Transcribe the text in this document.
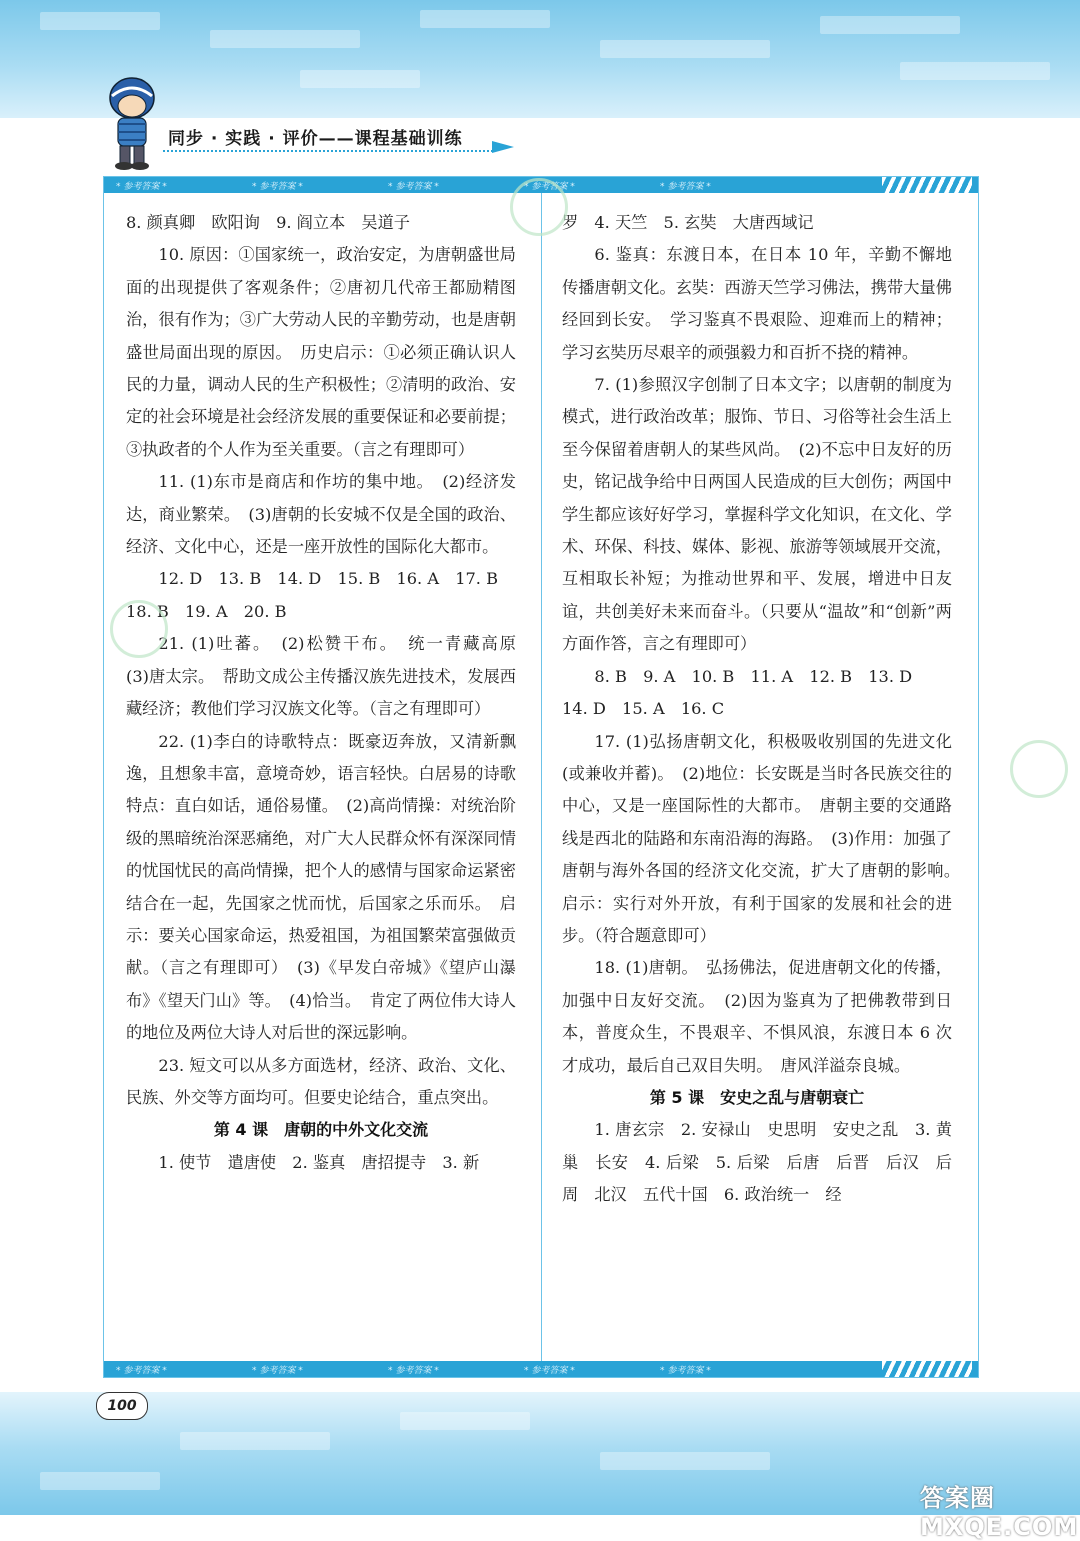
同步 · 实践 · 评价——课程基础训练
* 参考答案 *	* 参考答案 *	* 参考答案 *	* 参考答案 *	* 参考答案 *

8. 颜真卿　欧阳询　9. 阎立本　吴道子

10. 原因：①国家统一，政治安定，为唐朝盛世局面的出现提供了客观条件；②唐初几代帝王都励精图治，很有作为；③广大劳动人民的辛勤劳动，也是唐朝盛世局面出现的原因。　历史启示：①必须正确认识人民的力量，调动人民的生产积极性；②清明的政治、安定的社会环境是社会经济发展的重要保证和必要前提；③执政者的个人作为至关重要。（言之有理即可）

11. (1)东市是商店和作坊的集中地。　(2)经济发达，商业繁荣。　(3)唐朝的长安城不仅是全国的政治、经济、文化中心，还是一座开放性的国际化大都市。

12. D　13. B　14. D　15. B　16. A　17. B

18. B　19. A　20. B

21. (1)吐蕃。　(2)松赞干布。　统一青藏高原　(3)唐太宗。　帮助文成公主传播汉族先进技术，发展西藏经济；教他们学习汉族文化等。（言之有理即可）

22. (1)李白的诗歌特点：既豪迈奔放，又清新飘逸，且想象丰富，意境奇妙，语言轻快。白居易的诗歌特点：直白如话，通俗易懂。　(2)高尚情操：对统治阶级的黑暗统治深恶痛绝，对广大人民群众怀有深深同情的忧国忧民的高尚情操，把个人的感情与国家命运紧密结合在一起，先国家之忧而忧，后国家之乐而乐。　启示：要关心国家命运，热爱祖国，为祖国繁荣富强做贡献。（言之有理即可）　(3)《早发白帝城》《望庐山瀑布》《望天门山》等。　(4)恰当。　肯定了两位伟大诗人的地位及两位大诗人对后世的深远影响。

23. 短文可以从多方面选材，经济、政治、文化、民族、外交等方面均可。但要史论结合，重点突出。

第 4 课　唐朝的中外文化交流

1. 使节　遣唐使　2. 鉴真　唐招提寺　3. 新

罗　4. 天竺　5. 玄奘　大唐西域记

6. 鉴真：东渡日本，在日本 10 年，辛勤不懈地传播唐朝文化。玄奘：西游天竺学习佛法，携带大量佛经回到长安。　学习鉴真不畏艰险、迎难而上的精神；学习玄奘历尽艰辛的顽强毅力和百折不挠的精神。

7. (1)参照汉字创制了日本文字；以唐朝的制度为模式，进行政治改革；服饰、节日、习俗等社会生活上至今保留着唐朝人的某些风尚。　(2)不忘中日友好的历史，铭记战争给中日两国人民造成的巨大创伤；两国中学生都应该好好学习，掌握科学文化知识，在文化、学术、环保、科技、媒体、影视、旅游等领域展开交流，互相取长补短；为推动世界和平、发展，增进中日友谊，共创美好未来而奋斗。（只要从“温故”和“创新”两方面作答，言之有理即可）

8. B　9. A　10. B　11. A　12. B　13. D

14. D　15. A　16. C

17. (1)弘扬唐朝文化，积极吸收别国的先进文化(或兼收并蓄)。　(2)地位：长安既是当时各民族交往的中心，又是一座国际性的大都市。　唐朝主要的交通路线是西北的陆路和东南沿海的海路。　(3)作用：加强了唐朝与海外各国的经济文化交流，扩大了唐朝的影响。　启示：实行对外开放，有利于国家的发展和社会的进步。（符合题意即可）

18. (1)唐朝。　弘扬佛法，促进唐朝文化的传播，加强中日友好交流。　(2)因为鉴真为了把佛教带到日本，普度众生，不畏艰辛、不惧风浪，东渡日本 6 次才成功，最后自己双目失明。　唐风洋溢奈良城。

第 5 课　安史之乱与唐朝衰亡

1. 唐玄宗　2. 安禄山　史思明　安史之乱　3. 黄巢　长安　4. 后梁　5. 后梁　后唐　后晋　后汉　后周　北汉　五代十国　6. 政治统一　经

* 参考答案 *	* 参考答案 *	* 参考答案 *	* 参考答案 *	* 参考答案 *
100
答案圈 MXQE.COM
